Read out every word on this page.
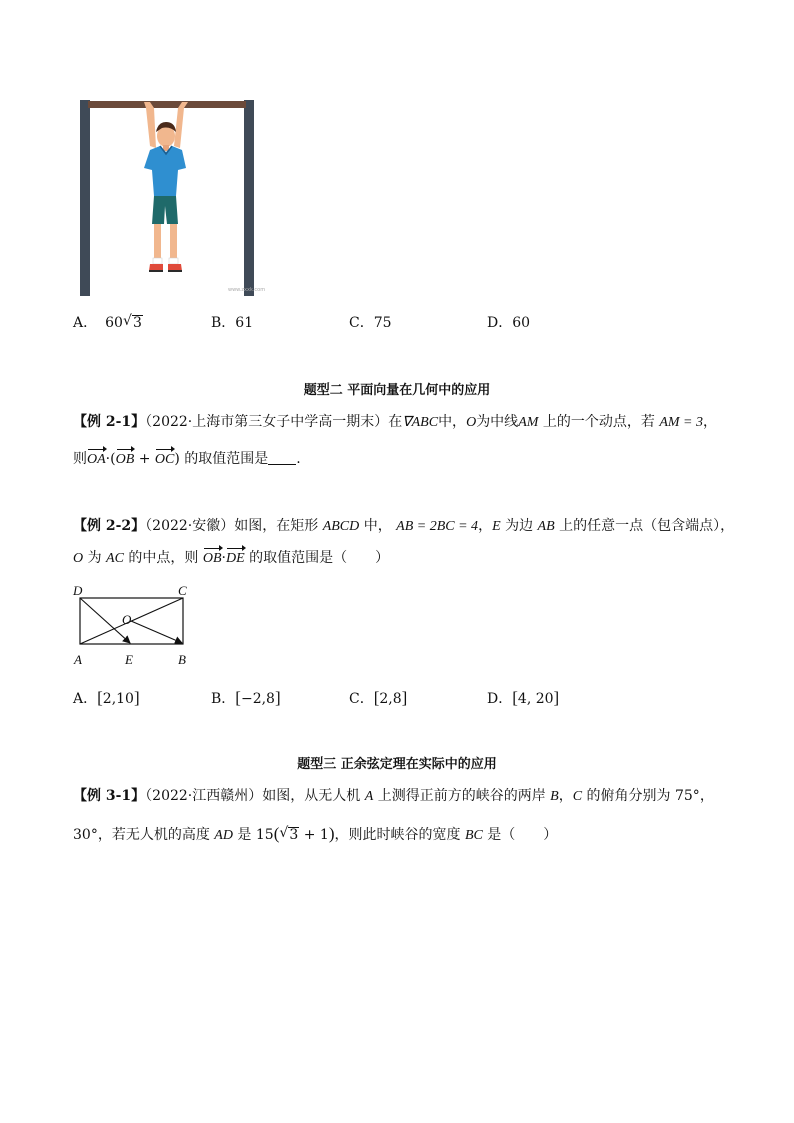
www.zxxk.com
A． 60 √ 3	B．61	C．75	D．60
题型二 平面向量在几何中的应用
【例 2-1】（2022·上海市第三女子中学高一期末）在∇ABC中，O为中线AM 上的一个动点，若 AM = 3，
则OA·(OB + OC) 的取值范围是 .
【例 2-2】（2022·安徽）如图，在矩形 ABCD 中， AB = 2BC = 4，E 为边 AB 上的任意一点（包含端点），
O 为 AC 的中点，则 OB·DE 的取值范围是（ ）
D	C
O
A	E	B
A．[2,10]	B．[−2,8]	C．[2,8]	D．[4, 20]
题型三 正余弦定理在实际中的应用
【例 3-1】（2022·江西赣州）如图，从无人机 A 上测得正前方的峡谷的两岸 B，C 的俯角分别为 75°，
30°，若无人机的高度 AD 是 15( √ 3 + 1)，则此时峡谷的宽度 BC 是（ ）
